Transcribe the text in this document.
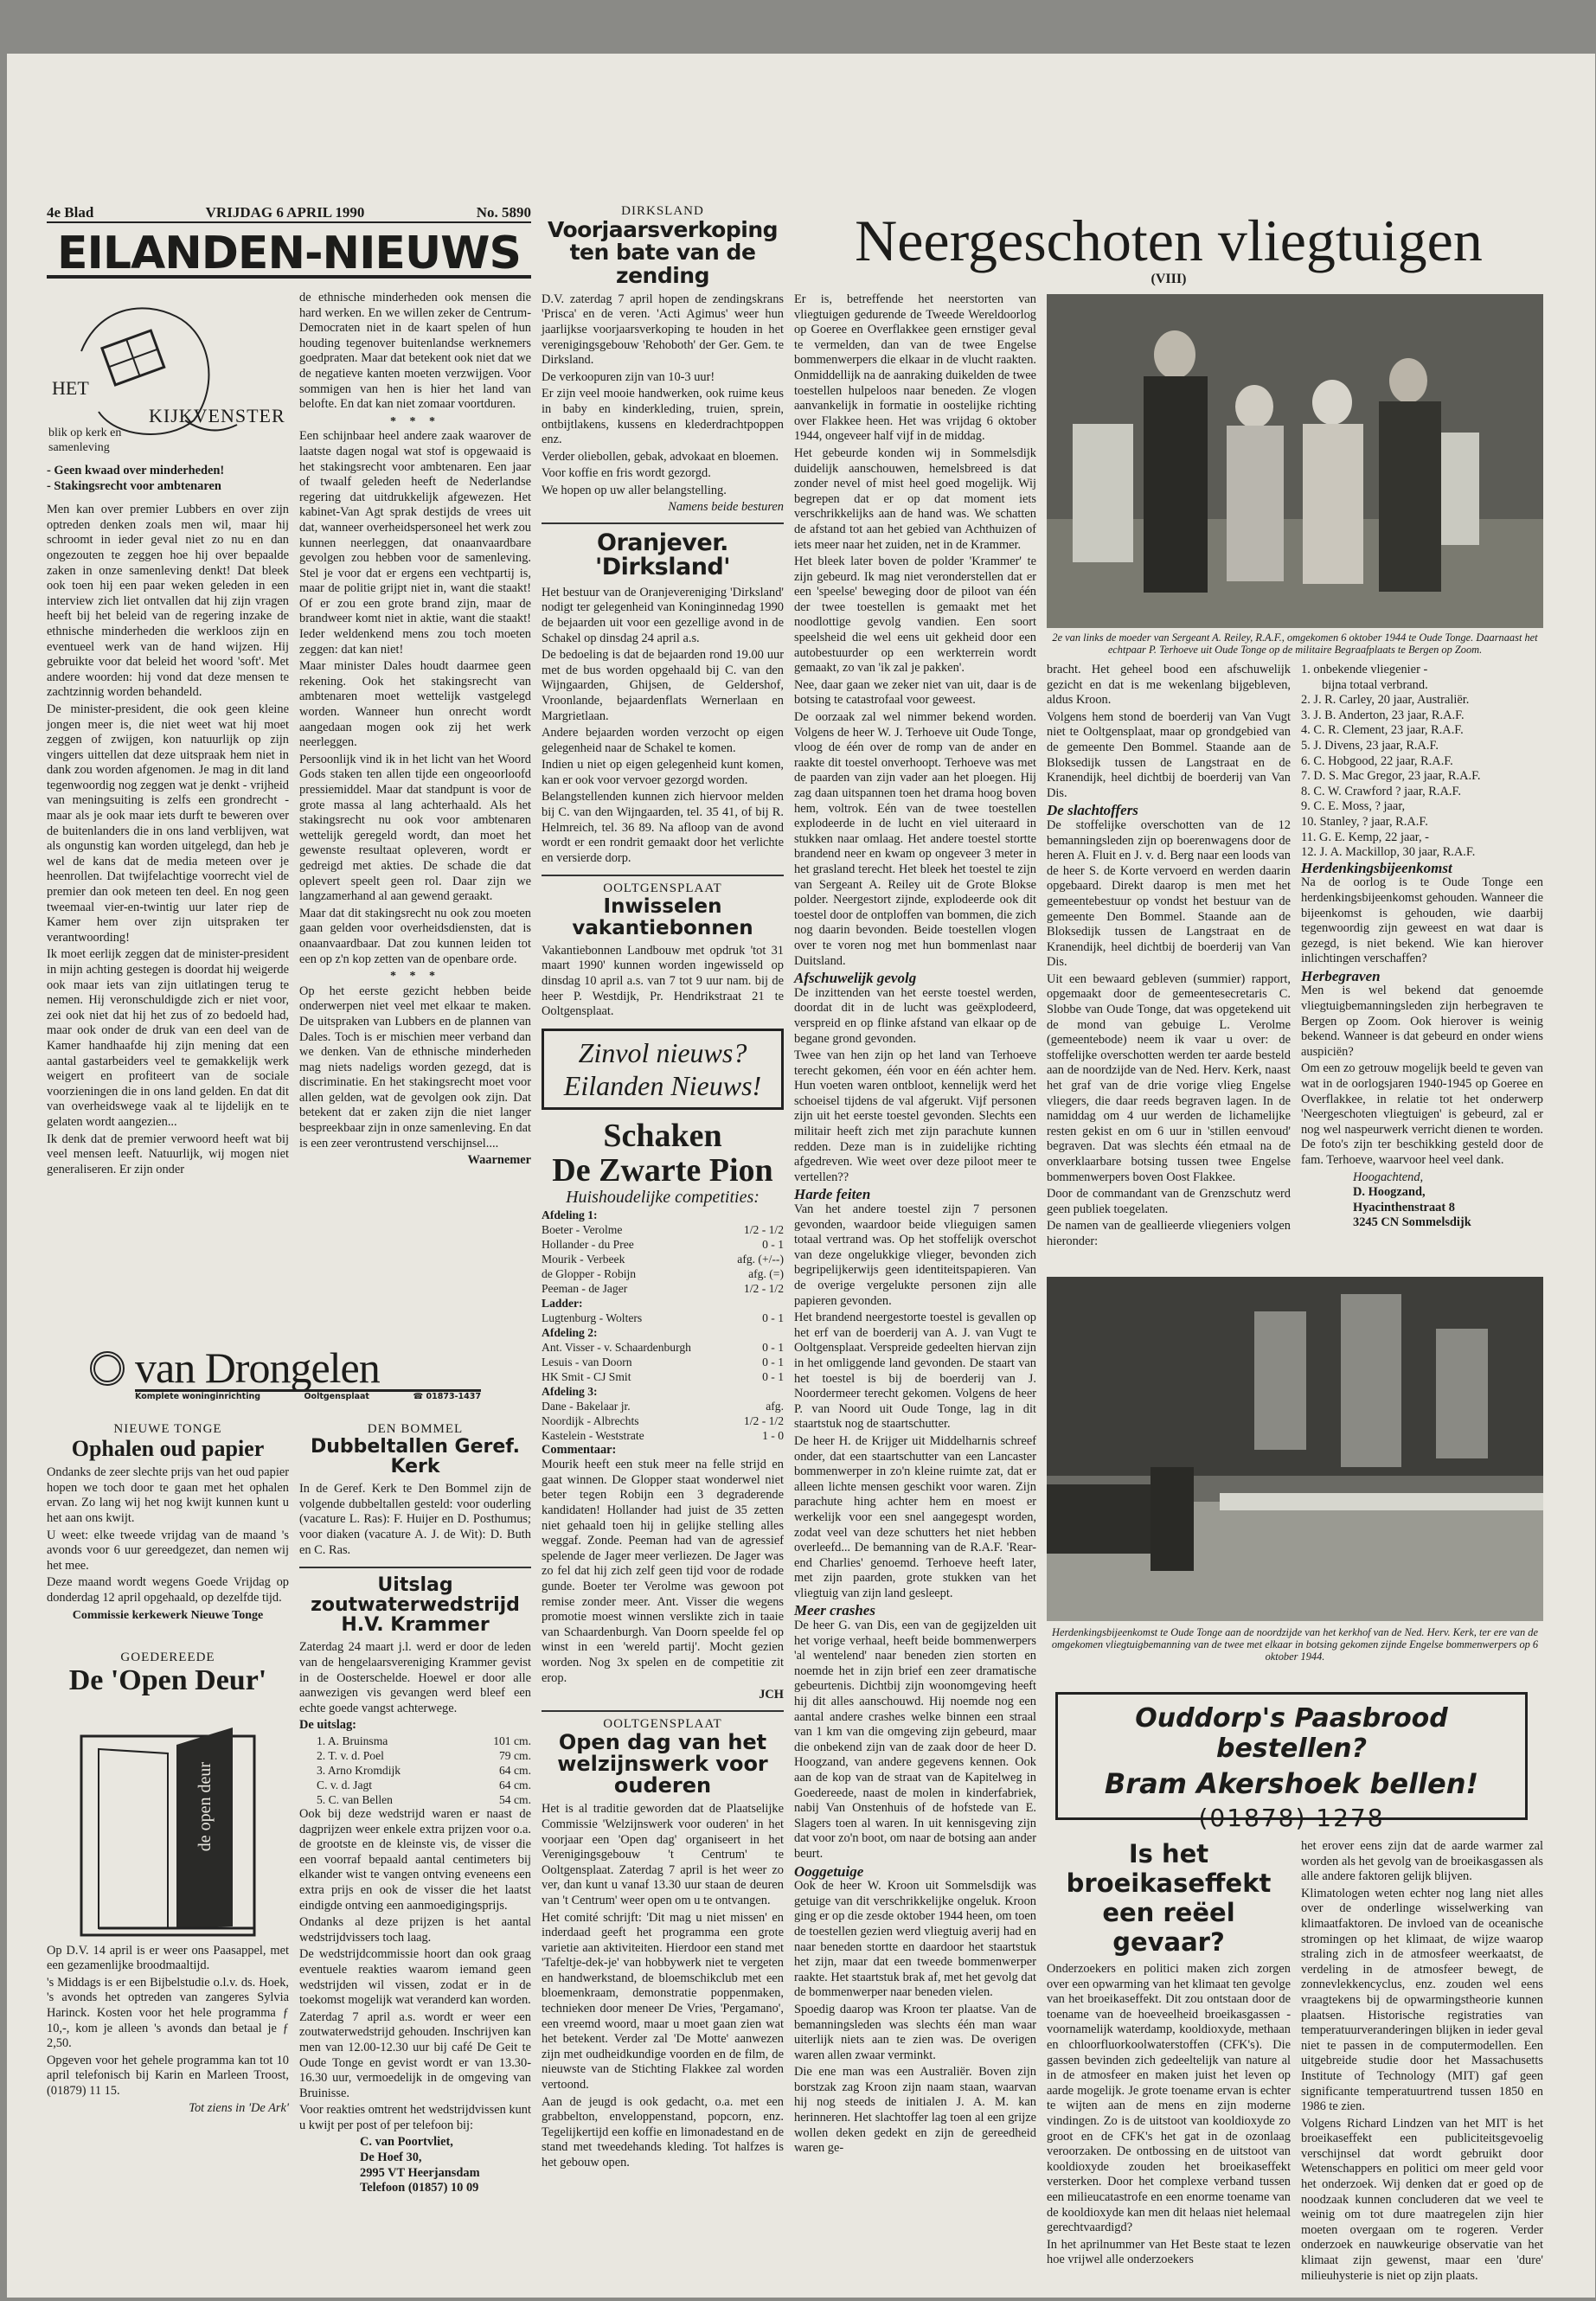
4e Blad	VRIJDAG 6 APRIL 1990	No. 5890
EILANDEN-NIEUWS
HET
KIJKVENSTER
blik op kerk en samenleving
- Geen kwaad over minderheden!
- Stakingsrecht voor ambtenaren

Men kan over premier Lubbers en over zijn optreden denken zoals men wil, maar hij schroomt in ieder geval niet zo nu en dan ongezouten te zeggen hoe hij over bepaalde zaken in onze samenleving denkt! Dat bleek ook toen hij een paar weken geleden in een interview zich liet ontvallen dat hij zijn vragen heeft bij het beleid van de regering inzake de ethnische minderheden die werkloos zijn en eventueel werk van de hand wijzen. Hij gebruikte voor dat beleid het woord 'soft'. Met andere woorden: hij vond dat deze mensen te zachtzinnig worden behandeld.

De minister-president, die ook geen kleine jongen meer is, die niet weet wat hij moet zeggen of zwijgen, kon natuurlijk op zijn vingers uittellen dat deze uitspraak hem niet in dank zou worden afgenomen. Je mag in dit land tegenwoordig nog zeggen wat je denkt - vrijheid van meningsuiting is zelfs een grondrecht - maar als je ook maar iets durft te beweren over de buitenlanders die in ons land verblijven, wat als ongunstig kan worden uitgelegd, dan heb je wel de kans dat de media meteen over je heenrollen. Dat twijfelachtige voorrecht viel de premier dan ook meteen ten deel. En nog geen tweemaal vier-en-twintig uur later riep de Kamer hem over zijn uitspraken ter verantwoording!

Ik moet eerlijk zeggen dat de minister-president in mijn achting gestegen is doordat hij weigerde ook maar iets van zijn uitlatingen terug te nemen. Hij veronschuldigde zich er niet voor, zei ook niet dat hij het zus of zo bedoeld had, maar ook onder de druk van een deel van de Kamer handhaafde hij zijn mening dat een aantal gastarbeiders veel te gemakkelijk werk weigert en profiteert van de sociale voorzieningen die in ons land gelden. En dat dit van overheidswege vaak al te lijdelijk en te gelaten wordt aangezien...

Ik denk dat de premier verwoord heeft wat bij veel mensen leeft. Natuurlijk, wij mogen niet generaliseren. Er zijn onder

de ethnische minderheden ook mensen die hard werken. En we willen zeker de Centrum-Democraten niet in de kaart spelen of hun houding tegenover buitenlandse werknemers goedpraten. Maar dat betekent ook niet dat we de negatieve kanten moeten verzwijgen. Voor sommigen van hen is hier het land van belofte. En dat kan niet zomaar voortduren.

* * *

Een schijnbaar heel andere zaak waarover de laatste dagen nogal wat stof is opgewaaid is het stakingsrecht voor ambtenaren. Een jaar of twaalf geleden heeft de Nederlandse regering dat uitdrukkelijk afgewezen. Het kabinet-Van Agt sprak destijds de vrees uit dat, wanneer overheidspersoneel het werk zou kunnen neerleggen, dat onaanvaardbare gevolgen zou hebben voor de samenleving. Stel je voor dat er ergens een vechtpartij is, maar de politie grijpt niet in, want die staakt! Of er zou een grote brand zijn, maar de brandweer komt niet in aktie, want die staakt! Ieder weldenkend mens zou toch moeten zeggen: dat kan niet!

Maar minister Dales houdt daarmee geen rekening. Ook het stakingsrecht van ambtenaren moet wettelijk vastgelegd worden. Wanneer hun onrecht wordt aangedaan mogen ook zij het werk neerleggen.

Persoonlijk vind ik in het licht van het Woord Gods staken ten allen tijde een ongeoorloofd pressiemiddel. Maar dat standpunt is voor de grote massa al lang achterhaald. Als het stakingsrecht nu ook voor ambtenaren wettelijk geregeld wordt, dan moet het gewenste resultaat opleveren, wordt er gedreigd met akties. De schade die dat oplevert speelt geen rol. Daar zijn we langzamerhand al aan gewend geraakt.

Maar dat dit stakingsrecht nu ook zou moeten gaan gelden voor overheidsdiensten, dat is onaanvaardbaar. Dat zou kunnen leiden tot een op z'n kop zetten van de openbare orde.

* * *

Op het eerste gezicht hebben beide onderwerpen niet veel met elkaar te maken. De uitspraken van Lubbers en de plannen van Dales. Toch is er mischien meer verband dan we denken. Van de ethnische minderheden mag niets nadeligs worden gezegd, dat is discriminatie. En het stakingsrecht moet voor allen gelden, wat de gevolgen ook zijn. Dat betekent dat er zaken zijn die niet langer bespreekbaar zijn in onze samenleving. En dat is een zeer verontrustend verschijnsel....

Waarnemer
van Drongelen
Komplete woninginrichting	Ooltgensplaat	☎ 01873-1437
NIEUWE TONGE
Ophalen oud papier

Ondanks de zeer slechte prijs van het oud papier hopen we toch door te gaan met het ophalen ervan. Zo lang wij het nog kwijt kunnen kunt u het aan ons kwijt.

U weet: elke tweede vrijdag van de maand 's avonds voor 6 uur gereedgezet, dan nemen wij het mee.

Deze maand wordt wegens Goede Vrijdag op donderdag 12 april opgehaald, op dezelfde tijd.

Commissie kerkewerk Nieuwe Tonge
GOEDEREEDE
De 'Open Deur'
de open deur

Op D.V. 14 april is er weer ons Paasappel, met een gezamenlijke broodmaaltijd.

's Middags is er een Bijbelstudie o.l.v. ds. Hoek, 's avonds het optreden van zangeres Sylvia Harinck. Kosten voor het hele programma ƒ 10,-, kom je alleen 's avonds dan betaal je ƒ 2,50.

Opgeven voor het gehele programma kan tot 10 april telefonisch bij Karin en Marleen Troost, (01879) 11 15.

Tot ziens in 'De Ark'
DEN BOMMEL
Dubbeltallen Geref. Kerk

In de Geref. Kerk te Den Bommel zijn de volgende dubbeltallen gesteld: voor ouderling (vacature L. Ras): F. Huijer en D. Posthumus; voor diaken (vacature A. J. de Wit): D. Buth en C. Ras.

Uitslag zoutwaterwedstrijd H.V. Krammer

Zaterdag 24 maart j.l. werd er door de leden van de hengelaarsvereniging Krammer gevist in de Oosterschelde. Hoewel er door alle aanwezigen vis gevangen werd bleef een echte goede vangst achterwege.

De uitslag:
1. A. Bruinsma	101 cm.
2. T. v. d. Poel	79 cm.
3. Arno Kromdijk	64 cm.
C. v. d. Jagt	64 cm.
5. C. van Bellen	54 cm.

Ook bij deze wedstrijd waren er naast de dagprijzen weer enkele extra prijzen voor o.a. de grootste en de kleinste vis, de visser die een voorraf bepaald aantal centimeters bij elkander wist te vangen ontving eveneens een extra prijs en ook de visser die het laatst eindigde ontving een aanmoedigingsprijs.

Ondanks al deze prijzen is het aantal wedstrijdvissers toch laag.

De wedstrijdcommissie hoort dan ook graag eventuele reakties waarom iemand geen wedstrijden wil vissen, zodat er in de toekomst mogelijk wat veranderd kan worden.

Zaterdag 7 april a.s. wordt er weer een zoutwaterwedstrijd gehouden. Inschrijven kan men van 12.00-12.30 uur bij café De Geit te Oude Tonge en gevist wordt er van 13.30-16.30 uur, vermoedelijk in de omgeving van Bruinisse.

Voor reakties omtrent het wedstrijdvissen kunt u kwijt per post of per telefoon bij:

C. van Poortvliet,
De Hoef 30,
2995 VT Heerjansdam
Telefoon (01857) 10 09
DIRKSLAND
Voorjaarsverkoping ten bate van de zending

D.V. zaterdag 7 april hopen de zendingskrans 'Prisca' en de veren. 'Acti Agimus' weer hun jaarlijkse voorjaarsverkoping te houden in het verenigingsgebouw 'Rehoboth' der Ger. Gem. te Dirksland.

De verkoopuren zijn van 10-3 uur!

Er zijn veel mooie handwerken, ook ruime keus in baby en kinderkleding, truien, sprein, ontbijtlakens, kussens en klederdrachtpoppen enz.

Verder oliebollen, gebak, advokaat en bloemen.

Voor koffie en fris wordt gezorgd.

We hopen op uw aller belangstelling.

Namens beide besturen
Oranjever. 'Dirksland'

Het bestuur van de Oranjevereniging 'Dirksland' nodigt ter gelegenheid van Koninginnedag 1990 de bejaarden uit voor een gezellige avond in de Schakel op dinsdag 24 april a.s.

De bedoeling is dat de bejaarden rond 19.00 uur met de bus worden opgehaald bij C. van den Wijngaarden, Ghijsen, de Geldershof, Vroonlande, bejaardenflats Wernerlaan en Margrietlaan.

Andere bejaarden worden verzocht op eigen gelegenheid naar de Schakel te komen.

Indien u niet op eigen gelegenheid kunt komen, kan er ook voor vervoer gezorgd worden.

Belangstellenden kunnen zich hiervoor melden bij C. van den Wijngaarden, tel. 35 41, of bij R. Helmreich, tel. 36 89. Na afloop van de avond wordt er een rondrit gemaakt door het verlichte en versierde dorp.

OOLTGENSPLAAT
Inwisselen vakantiebonnen

Vakantiebonnen Landbouw met opdruk 'tot 31 maart 1990' kunnen worden ingewisseld op dinsdag 10 april a.s. van 7 tot 9 uur nam. bij de heer P. Westdijk, Pr. Hendrikstraat 21 te Ooltgensplaat.

Zinvol nieuws?
Eilanden Nieuws!
Schaken
De Zwarte Pion
Huishoudelijke competities:
Afdeling 1:
Boeter - Verolme	1/2 - 1/2
Hollander - du Pree	0 - 1
Mourik - Verbeek	afg. (+/--)
de Glopper - Robijn	afg. (=)
Peeman - de Jager	1/2 - 1/2
Ladder:
Lugtenburg - Wolters	0 - 1
Afdeling 2:
Ant. Visser - v. Schaardenburgh	0 - 1
Lesuis - van Doorn	0 - 1
HK Smit - CJ Smit	0 - 1
Afdeling 3:
Dane - Bakelaar jr.	afg.
Noordijk - Albrechts	1/2 - 1/2
Kastelein - Weststrate	1 - 0
Commentaar:

Mourik heeft een stuk meer na felle strijd en gaat winnen. De Glopper staat wonderwel niet beter tegen Robijn een 3 degraderende kandidaten! Hollander had juist de 35 zetten niet gehaald toen hij in gelijke stelling alles weggaf. Zonde. Peeman had van de agressief spelende de Jager meer verliezen. De Jager was zo fel dat hij zich zelf geen tijd voor de rodade gunde. Boeter ter Verolme was gewoon pot remise zonder meer. Ant. Visser die wegens promotie moest winnen verslikte zich in taaie van Schaardenburgh. Van Doorn speelde fel op winst in een 'wereld partij'. Mocht gezien worden. Nog 3x spelen en de competitie zit erop.

JCH
OOLTGENSPLAAT
Open dag van het welzijnswerk voor ouderen

Het is al traditie geworden dat de Plaatselijke Commissie 'Welzijnswerk voor ouderen' in het voorjaar een 'Open dag' organiseert in het Verenigingsgebouw 't Centrum' te Ooltgensplaat. Zaterdag 7 april is het weer zo ver, dan kunt u vanaf 13.30 uur staan de deuren van 't Centrum' weer open om u te ontvangen.

Het comité schrijft: 'Dit mag u niet missen' en inderdaad geeft het programma een grote varietie aan aktiviteiten. Hierdoor een stand met 'Tafeltje-dek-je' van hobbywerk niet te vergeten en handwerkstand, de bloemschikclub met een bloemenkraam, demonstratie poppenmaken, technieken door meneer De Vries, 'Pergamano', een vreemd woord, maar u moet gaan zien wat het betekent. Verder zal 'De Motte' aanwezen zijn met oudheidkundige voorden en de film, de nieuwste van de Stichting Flakkee zal worden vertoond.

Aan de jeugd is ook gedacht, o.a. met een grabbelton, enveloppenstand, popcorn, enz. Tegelijkertijd een koffie en limonadestand en de stand met tweedehands kleding. Tot halfzes is het gebouw open.

Neergeschoten vliegtuigen
(VIII)

Er is, betreffende het neerstorten van vliegtuigen gedurende de Tweede Wereldoorlog op Goeree en Overflakkee geen ernstiger geval te vermelden, dan van de twee Engelse bommenwerpers die elkaar in de vlucht raakten. Onmiddellijk na de aanraking duikelden de twee toestellen hulpeloos naar beneden. Ze vlogen aanvankelijk in formatie in oostelijke richting over Flakkee heen. Het was vrijdag 6 oktober 1944, ongeveer half vijf in de middag.

Het gebeurde konden wij in Sommelsdijk duidelijk aanschouwen, hemelsbreed is dat zonder nevel of mist heel goed mogelijk. Wij begrepen dat er op dat moment iets verschrikkelijks aan de hand was. We schatten de afstand tot aan het gebied van Achthuizen of iets meer naar het zuiden, net in de Krammer.

Het bleek later boven de polder 'Krammer' te zijn gebeurd. Ik mag niet veronderstellen dat er een 'speelse' beweging door de piloot van één der twee toestellen is gemaakt met het noodlottige gevolg vandien. Een soort speelsheid die wel eens uit gekheid door een autobestuurder op een werkterrein wordt gemaakt, zo van 'ik zal je pakken'.

Nee, daar gaan we zeker niet van uit, daar is de botsing te catastrofaal voor geweest.

De oorzaak zal wel nimmer bekend worden. Volgens de heer W. J. Terhoeve uit Oude Tonge, vloog de één over de romp van de ander en raakte dit toestel onverhoopt. Terhoeve was met de paarden van zijn vader aan het ploegen. Hij zag daan uitspannen toen het drama hoog boven hem, voltrok. Eén van de twee toestellen explodeerde in de lucht en viel uiteraard in stukken naar omlaag. Het andere toestel stortte brandend neer en kwam op ongeveer 3 meter in het grasland terecht. Het bleek het toestel te zijn van Sergeant A. Reiley uit de Grote Blokse polder. Neergestort zijnde, explodeerde ook dit toestel door de ontploffen van bommen, die zich nog daarin bevonden. Beide toestellen vlogen over te voren nog met hun bommenlast naar Duitsland.

Afschuwelijk gevolg

De inzittenden van het eerste toestel werden, doordat dit in de lucht was geëxplodeerd, verspreid en op flinke afstand van elkaar op de begane grond gevonden.

Twee van hen zijn op het land van Terhoeve terecht gekomen, één voor en één achter hem. Hun voeten waren ontbloot, kennelijk werd het schoeisel tijdens de val afgerukt. Vijf personen zijn uit het eerste toestel gevonden. Slechts een militair heeft zich met zijn parachute kunnen redden. Deze man is in zuidelijke richting afgedreven. Wie weet over deze piloot meer te vertellen??

Harde feiten

Van het andere toestel zijn 7 personen gevonden, waardoor beide vlieguigen samen totaal vertrand was. Op het stoffelijk overschot van deze ongelukkige vlieger, bevonden zich begripelijkerwijs geen identiteitspapieren. Van de overige vergelukte personen zijn alle papieren gevonden.

Het brandend neergestorte toestel is gevallen op het erf van de boerderij van A. J. van Vugt te Ooltgensplaat. Verspreide gedeelten hiervan zijn in het omliggende land gevonden. De staart van het toestel is bij de boerderij van J. Noordermeer terecht gekomen. Volgens de heer P. van Noord uit Oude Tonge, lag in dit staartstuk nog de staartschutter.

De heer H. de Krijger uit Middelharnis schreef onder, dat een staartschutter van een Lancaster bommenwerper in zo'n kleine ruimte zat, dat er alleen lichte mensen geschikt voor waren. Zijn parachute hing achter hem en moest er werkelijk voor een snel aangegespt worden, zodat veel van deze schutters het niet hebben overleefd... De bemanning van de R.A.F. 'Rear-end Charlies' genoemd. Terhoeve heeft later, met zijn paarden, grote stukken van het vliegtuig van zijn land gesleept.

Meer crashes

De heer G. van Dis, een van de gegijzelden uit het vorige verhaal, heeft beide bommenwerpers 'al wentelend' naar beneden zien storten en noemde het in zijn brief een zeer dramatische gebeurtenis. Dichtbij zijn woonomgeving heeft hij dit alles aanschouwd. Hij noemde nog een aantal andere crashes welke binnen een straal van 1 km van die omgeving zijn gebeurd, maar die onbekend zijn van de zaak door de heer D. Hoogzand, van andere gegevens kennen. Ook aan de kop van de straat van de Kapitelweg in Goedereede, naast de molen in kinderfabriek, nabij Van Onstenhuis of de hofstede van E. Slagers toen al waren. In uit kennisgeving zijn dat voor zo'n boot, om naar de botsing aan ander beurt.

Ooggetuige

Ook de heer W. Kroon uit Sommelsdijk was getuige van dit verschrikkelijke ongeluk. Kroon ging er op die zesde oktober 1944 heen, om toen de toestellen gezien werd vliegtuig averij had en naar beneden stortte en daardoor het staartstuk het zijn, maar dat een tweede bommenwerper raakte. Het staartstuk brak af, met het gevolg dat de bommenwerper naar beneden vielen.

Spoedig daarop was Kroon ter plaatse. Van de bemanningsleden was slechts één man waar uiterlijk niets aan te zien was. De overigen waren allen zwaar verminkt.

Die ene man was een Australiër. Boven zijn borstzak zag Kroon zijn naam staan, waarvan hij nog steeds de initialen J. A. M. kan herinneren. Het slachtoffer lag toen al een grijze wollen deken gedekt en zijn de gereedheid waren ge-

2e van links de moeder van Sergeant A. Reiley, R.A.F., omgekomen 6 oktober 1944 te Oude Tonge. Daarnaast het echtpaar P. Terhoeve uit Oude Tonge op de militaire Begraafplaats te Bergen op Zoom.

bracht. Het geheel bood een afschuwelijk gezicht en dat is me wekenlang bijgebleven, aldus Kroon.

Volgens hem stond de boerderij van Van Vugt niet te Ooltgensplaat, maar op grondgebied van de gemeente Den Bommel. Staande aan de Bloksedijk tussen de Langstraat en de Kranendijk, heel dichtbij de boerderij van Van Dis.

De slachtoffers

De stoffelijke overschotten van de 12 bemanningsleden zijn op boerenwagens door de heren A. Fluit en J. v. d. Berg naar een loods van de heer S. de Korte vervoerd en werden daarin opgebaard. Direkt daarop is men met het gemeentebestuur op vondst het bestuur van de gemeente Den Bommel. Staande aan de Bloksedijk tussen de Langstraat en de Kranendijk, heel dichtbij de boerderij van Van Dis.

Uit een bewaard gebleven (summier) rapport, opgemaakt door de gemeentesecretaris C. Slobbe van Oude Tonge, dat was opgetekend uit de mond van gebuige L. Verolme (gemeentebode) neem ik vaar u over: de stoffelijke overschotten werden ter aarde besteld aan de noordzijde van de Ned. Herv. Kerk, naast het graf van de drie vorige vlieg Engelse vliegers, die daar reeds begraven lagen. In de namiddag om 4 uur werden de lichamelijke resten gekist en om 6 uur in 'stillen eenvoud' begraven. Dat was slechts één etmaal na de onverklaarbare botsing tussen twee Engelse bommenwerpers boven Oost Flakkee.

Door de commandant van de Grenzschutz werd geen publiek toegelaten.

De namen van de geallieerde vliegeniers volgen hieronder:

1. onbekende vliegenier -
bijna totaal verbrand.
2. J. R. Carley, 20 jaar, Australiër.
3. J. B. Anderton, 23 jaar, R.A.F.
4. C. R. Clement, 23 jaar, R.A.F.
5. J. Divens, 23 jaar, R.A.F.
6. C. Hobgood, 22 jaar, R.A.F.
7. D. S. Mac Gregor, 23 jaar, R.A.F.
8. C. W. Crawford ? jaar, R.A.F.
9. C. E. Moss, ? jaar,
10. Stanley, ? jaar, R.A.F.
11. G. E. Kemp, 22 jaar, -
12. J. A. Mackillop, 30 jaar, R.A.F.
Herdenkingsbijeenkomst

Na de oorlog is te Oude Tonge een herdenkingsbijeenkomst gehouden. Wanneer die bijeenkomst is gehouden, wie daarbij tegenwoordig zijn geweest en wat daar is gezegd, is niet bekend. Wie kan hierover inlichtingen verschaffen?

Herbegraven

Men is wel bekend dat genoemde vliegtuigbemanningsleden zijn herbegraven te Bergen op Zoom. Ook hierover is weinig bekend. Wanneer is dat gebeurd en onder wiens auspiciën?

Om een zo getrouw mogelijk beeld te geven van wat in de oorlogsjaren 1940-1945 op Goeree en Overflakkee, in relatie tot het onderwerp 'Neergeschoten vliegtuigen' is gebeurd, zal er nog wel naspeurwerk verricht dienen te worden. De foto's zijn ter beschikking gesteld door de fam. Terhoeve, waarvoor heel veel dank.

Hoogachtend,
D. Hoogzand,
Hyacinthenstraat 8
3245 CN Sommelsdijk
Herdenkingsbijeenkomst te Oude Tonge aan de noordzijde van het kerkhof van de Ned. Herv. Kerk, ter ere van de omgekomen vliegtuigbemanning van de twee met elkaar in botsing gekomen zijnde Engelse bommenwerpers op 6 oktober 1944.
Ouddorp's Paasbrood bestellen?
Bram Akershoek bellen!
(01878) 1278
Is het broeikaseffekt een reëel gevaar?

Onderzoekers en politici maken zich zorgen over een opwarming van het klimaat ten gevolge van het broeikaseffekt. Dit zou ontstaan door de toename van de hoeveelheid broeikasgassen - voornamelijk waterdamp, kooldioxyde, methaan en chloorfluorkoolwaterstoffen (CFK's). Die gassen bevinden zich gedeeltelijk van nature al in de atmosfeer en maken juist het leven op aarde mogelijk. Je grote toename ervan is echter te wijten aan de mens en zijn moderne vindingen. Zo is de uitstoot van kooldioxyde zo groot en de CFK's het gat in de ozonlaag veroorzaken. De ontbossing en de uitstoot van kooldioxyde zouden het broeikaseffekt versterken. Door het complexe verband tussen een milieucatastrofe en een enorme toename van de kooldioxyde kan men dit helaas niet helemaal gerechtvaardigd?

In het aprilnummer van Het Beste staat te lezen hoe vrijwel alle onderzoekers

het erover eens zijn dat de aarde warmer zal worden als het gevolg van de broeikasgassen als alle andere faktoren gelijk blijven.

Klimatologen weten echter nog lang niet alles over de onderlinge wisselwerking van klimaatfaktoren. De invloed van de oceanische stromingen op het klimaat, de wijze waarop straling zich in de atmosfeer weerkaatst, de verdeling in de atmosfeer bewegt, de zonnevlekkencyclus, enz. zouden wel eens vraagtekens bij de opwarmingstheorie kunnen plaatsen. Historische registraties van temperatuurveranderingen blijken in ieder geval niet te passen in de computermodellen. Een uitgebreide studie door het Massachusetts Institute of Technology (MIT) gaf geen significante temperatuurtrend tussen 1850 en 1986 te zien.

Volgens Richard Lindzen van het MIT is het broeikaseffekt een publiciteitsgevoelig verschijnsel dat wordt gebruikt door Wetenschappers en politici om meer geld voor het onderzoek. Wij denken dat er goed op de noodzaak kunnen concluderen dat we veel te weinig om tot dure maatregelen zijn hier moeten overgaan om te rogeren. Verder onderzoek en nauwkeurige observatie van het klimaat zijn gewenst, maar een 'dure' milieuhysterie is niet op zijn plaats.
